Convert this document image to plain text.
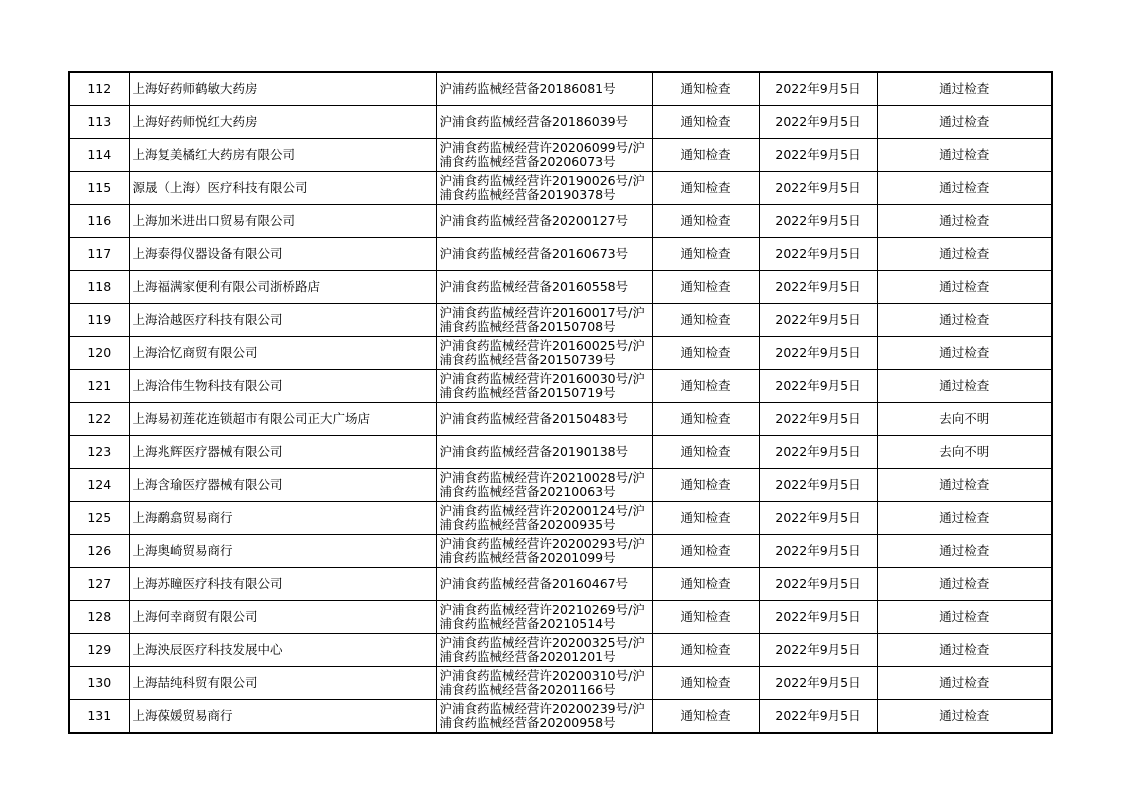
112	上海好药师鹤敏大药房	沪浦药监械经营备20186081号	通知检查	2022年9月5日	通过检查
113	上海好药师悦红大药房	沪浦食药监械经营备20186039号	通知检查	2022年9月5日	通过检查
114	上海复美橘红大药房有限公司	沪浦食药监械经营许20206099号/沪浦食药监械经营备20206073号	通知检查	2022年9月5日	通过检查
115	源晟（上海）医疗科技有限公司	沪浦食药监械经营许20190026号/沪浦食药监械经营备20190378号	通知检查	2022年9月5日	通过检查
116	上海加米进出口贸易有限公司	沪浦食药监械经营备20200127号	通知检查	2022年9月5日	通过检查
117	上海泰得仪器设备有限公司	沪浦食药监械经营备20160673号	通知检查	2022年9月5日	通过检查
118	上海福满家便利有限公司浙桥路店	沪浦食药监械经营备20160558号	通知检查	2022年9月5日	通过检查
119	上海洽越医疗科技有限公司	沪浦食药监械经营许20160017号/沪浦食药监械经营备20150708号	通知检查	2022年9月5日	通过检查
120	上海洽忆商贸有限公司	沪浦食药监械经营许20160025号/沪浦食药监械经营备20150739号	通知检查	2022年9月5日	通过检查
121	上海洽伟生物科技有限公司	沪浦食药监械经营许20160030号/沪浦食药监械经营备20150719号	通知检查	2022年9月5日	通过检查
122	上海易初莲花连锁超市有限公司正大广场店	沪浦食药监械经营备20150483号	通知检查	2022年9月5日	去向不明
123	上海兆辉医疗器械有限公司	沪浦食药监械经营备20190138号	通知检查	2022年9月5日	去向不明
124	上海含瑜医疗器械有限公司	沪浦食药监械经营许20210028号/沪浦食药监械经营备20210063号	通知检查	2022年9月5日	通过检查
125	上海鹬翕贸易商行	沪浦食药监械经营许20200124号/沪浦食药监械经营备20200935号	通知检查	2022年9月5日	通过检查
126	上海奥崎贸易商行	沪浦食药监械经营许20200293号/沪浦食药监械经营备20201099号	通知检查	2022年9月5日	通过检查
127	上海苏瞳医疗科技有限公司	沪浦食药监械经营备20160467号	通知检查	2022年9月5日	通过检查
128	上海何幸商贸有限公司	沪浦食药监械经营许20210269号/沪浦食药监械经营备20210514号	通知检查	2022年9月5日	通过检查
129	上海泱辰医疗科技发展中心	沪浦食药监械经营许20200325号/沪浦食药监械经营备20201201号	通知检查	2022年9月5日	通过检查
130	上海喆纯科贸有限公司	沪浦食药监械经营许20200310号/沪浦食药监械经营备20201166号	通知检查	2022年9月5日	通过检查
131	上海葆媛贸易商行	沪浦食药监械经营许20200239号/沪浦食药监械经营备20200958号	通知检查	2022年9月5日	通过检查
